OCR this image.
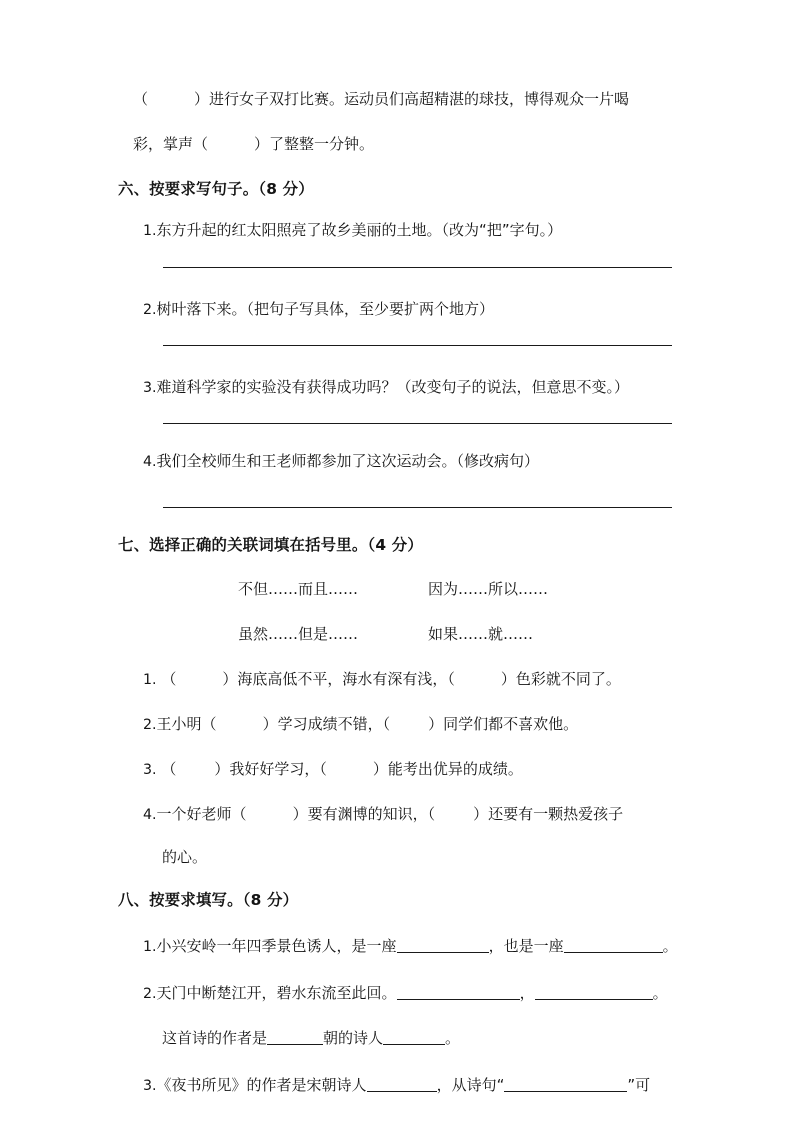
（	）进行女子双打比赛。运动员们高超精湛的球技，博得观众一片喝
彩，掌声（	）了整整一分钟。
六、按要求写句子。（8 分）
1.东方升起的红太阳照亮了故乡美丽的土地。（改为“把”字句。）
2.树叶落下来。（把句子写具体，至少要扩两个地方）
3.难道科学家的实验没有获得成功吗？（改变句子的说法，但意思不变。）
4.我们全校师生和王老师都参加了这次运动会。（修改病句）
七、选择正确的关联词填在括号里。（4 分）
不但……而且……	因为……所以……
虽然……但是……	如果……就……
1. （	）海底高低不平，海水有深有浅，（	）色彩就不同了。
2.王小明（	）学习成绩不错，（	）同学们都不喜欢他。
3. （	）我好好学习，（	）能考出优异的成绩。
4.一个好老师（	）要有渊博的知识，（	）还要有一颗热爱孩子
的心。
八、按要求填写。（8 分）
1.小兴安岭一年四季景色诱人，是一座	，也是一座	。
2.天门中断楚江开，碧水东流至此回。	，	。
这首诗的作者是	朝的诗人	。
3.《夜书所见》的作者是宋朝诗人	，从诗句“	”可
